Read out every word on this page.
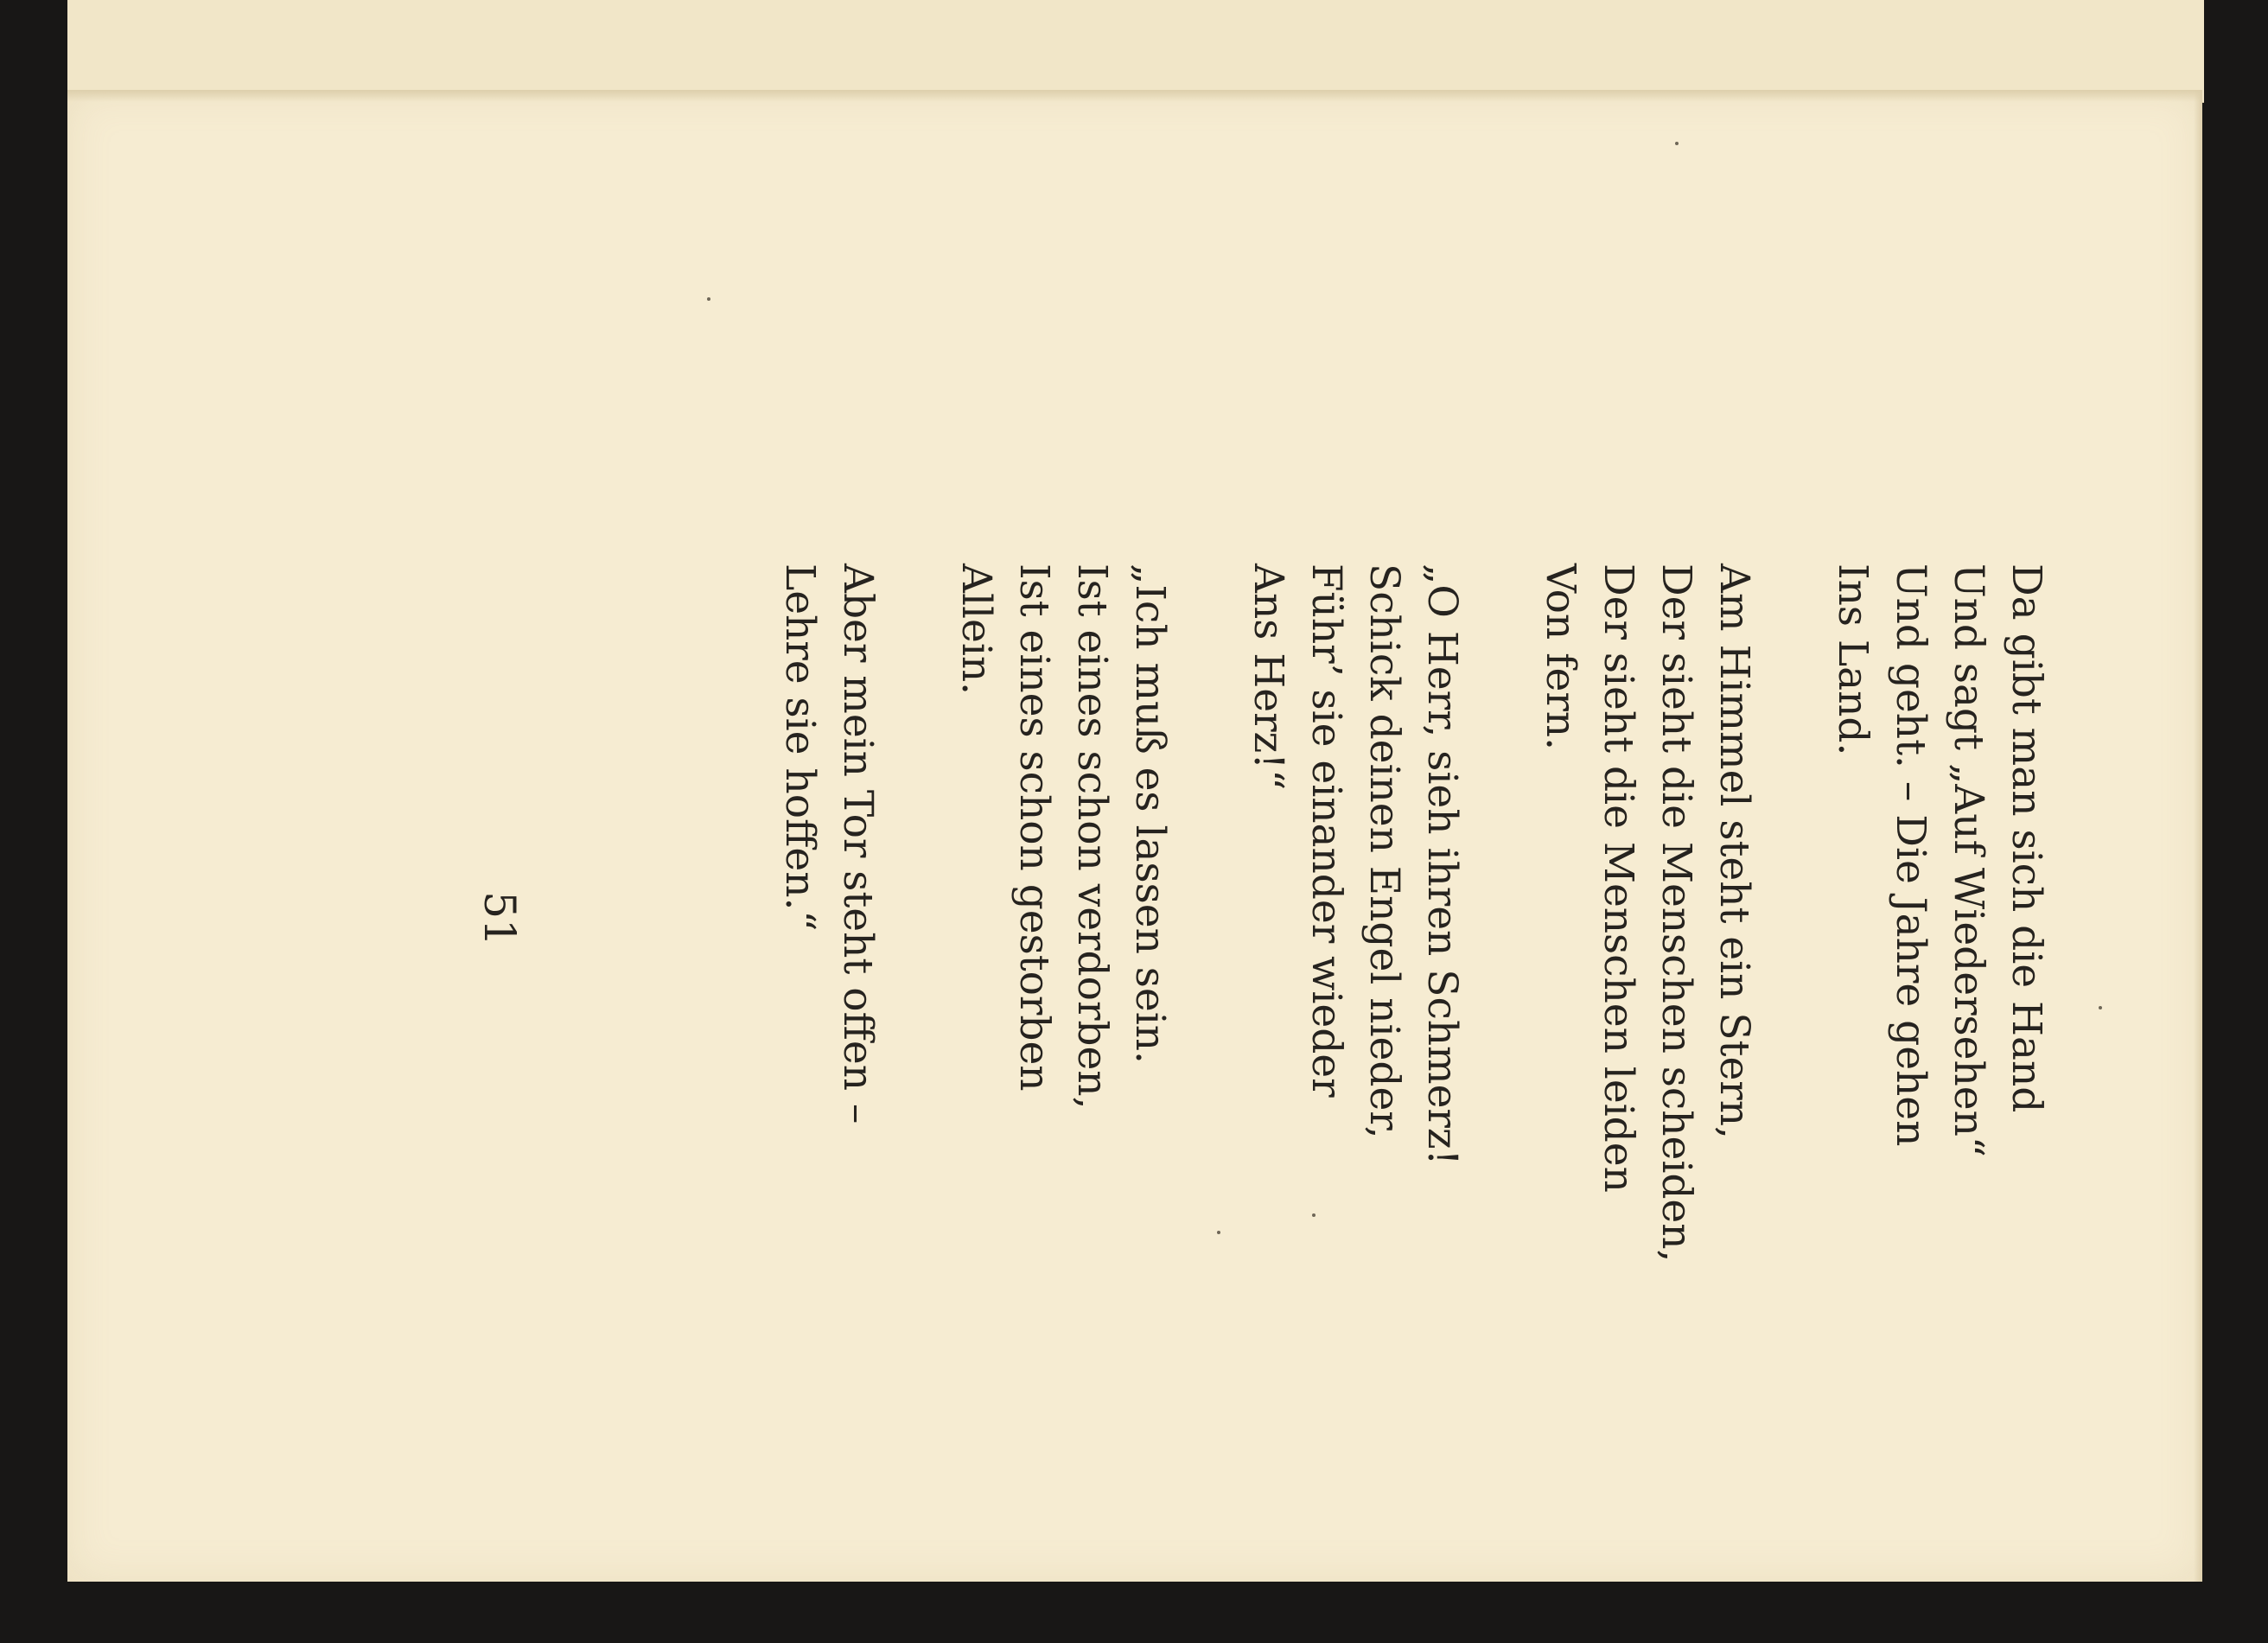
Da gibt man sich die Hand
Und sagt „Auf Wiedersehen“
Und geht. – Die Jahre gehen
Ins Land.
Am Himmel steht ein Stern,
Der sieht die Menschen scheiden,
Der sieht die Menschen leiden
Von fern.
„O Herr, sieh ihren Schmerz!
Schick deinen Engel nieder,
Führ’ sie einander wieder
Ans Herz!“
„Ich muß es lassen sein.
Ist eines schon verdorben,
Ist eines schon gestorben
Allein.
Aber mein Tor steht offen –
Lehre sie hoffen.“
51
